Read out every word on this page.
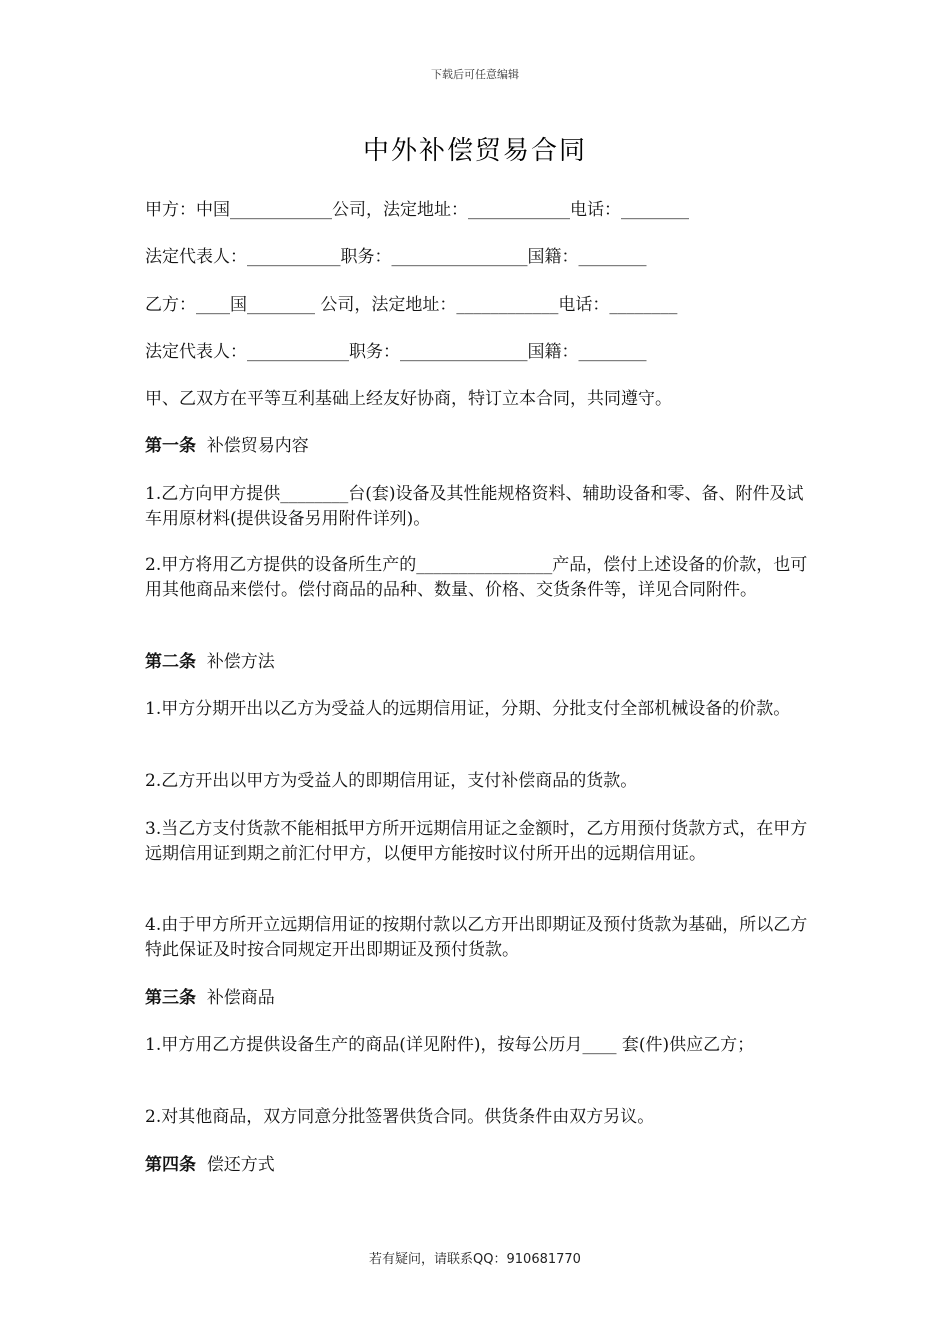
下载后可任意编辑
中外补偿贸易合同
甲方：中国____________公司，法定地址：____________电话：________
法定代表人：___________职务：________________国籍：________
乙方：____国________ 公司，法定地址：____________电话：________
法定代表人：____________职务：_______________国籍：________
甲、乙双方在平等互利基础上经友好协商，特订立本合同，共同遵守。
第一条 补偿贸易内容
1.乙方向甲方提供________台(套)设备及其性能规格资料、辅助设备和零、备、附件及试车用原材料(提供设备另用附件详列)。
2.甲方将用乙方提供的设备所生产的________________产品，偿付上述设备的价款，也可用其他商品来偿付。偿付商品的品种、数量、价格、交货条件等，详见合同附件。
第二条 补偿方法
1.甲方分期开出以乙方为受益人的远期信用证，分期、分批支付全部机械设备的价款。
2.乙方开出以甲方为受益人的即期信用证，支付补偿商品的货款。
3.当乙方支付货款不能相抵甲方所开远期信用证之金额时，乙方用预付货款方式，在甲方远期信用证到期之前汇付甲方，以便甲方能按时议付所开出的远期信用证。
4.由于甲方所开立远期信用证的按期付款以乙方开出即期证及预付货款为基础，所以乙方特此保证及时按合同规定开出即期证及预付货款。
第三条 补偿商品
1.甲方用乙方提供设备生产的商品(详见附件)，按每公历月____ 套(件)供应乙方；
2.对其他商品，双方同意分批签署供货合同。供货条件由双方另议。
第四条 偿还方式
若有疑问，请联系QQ：910681770
